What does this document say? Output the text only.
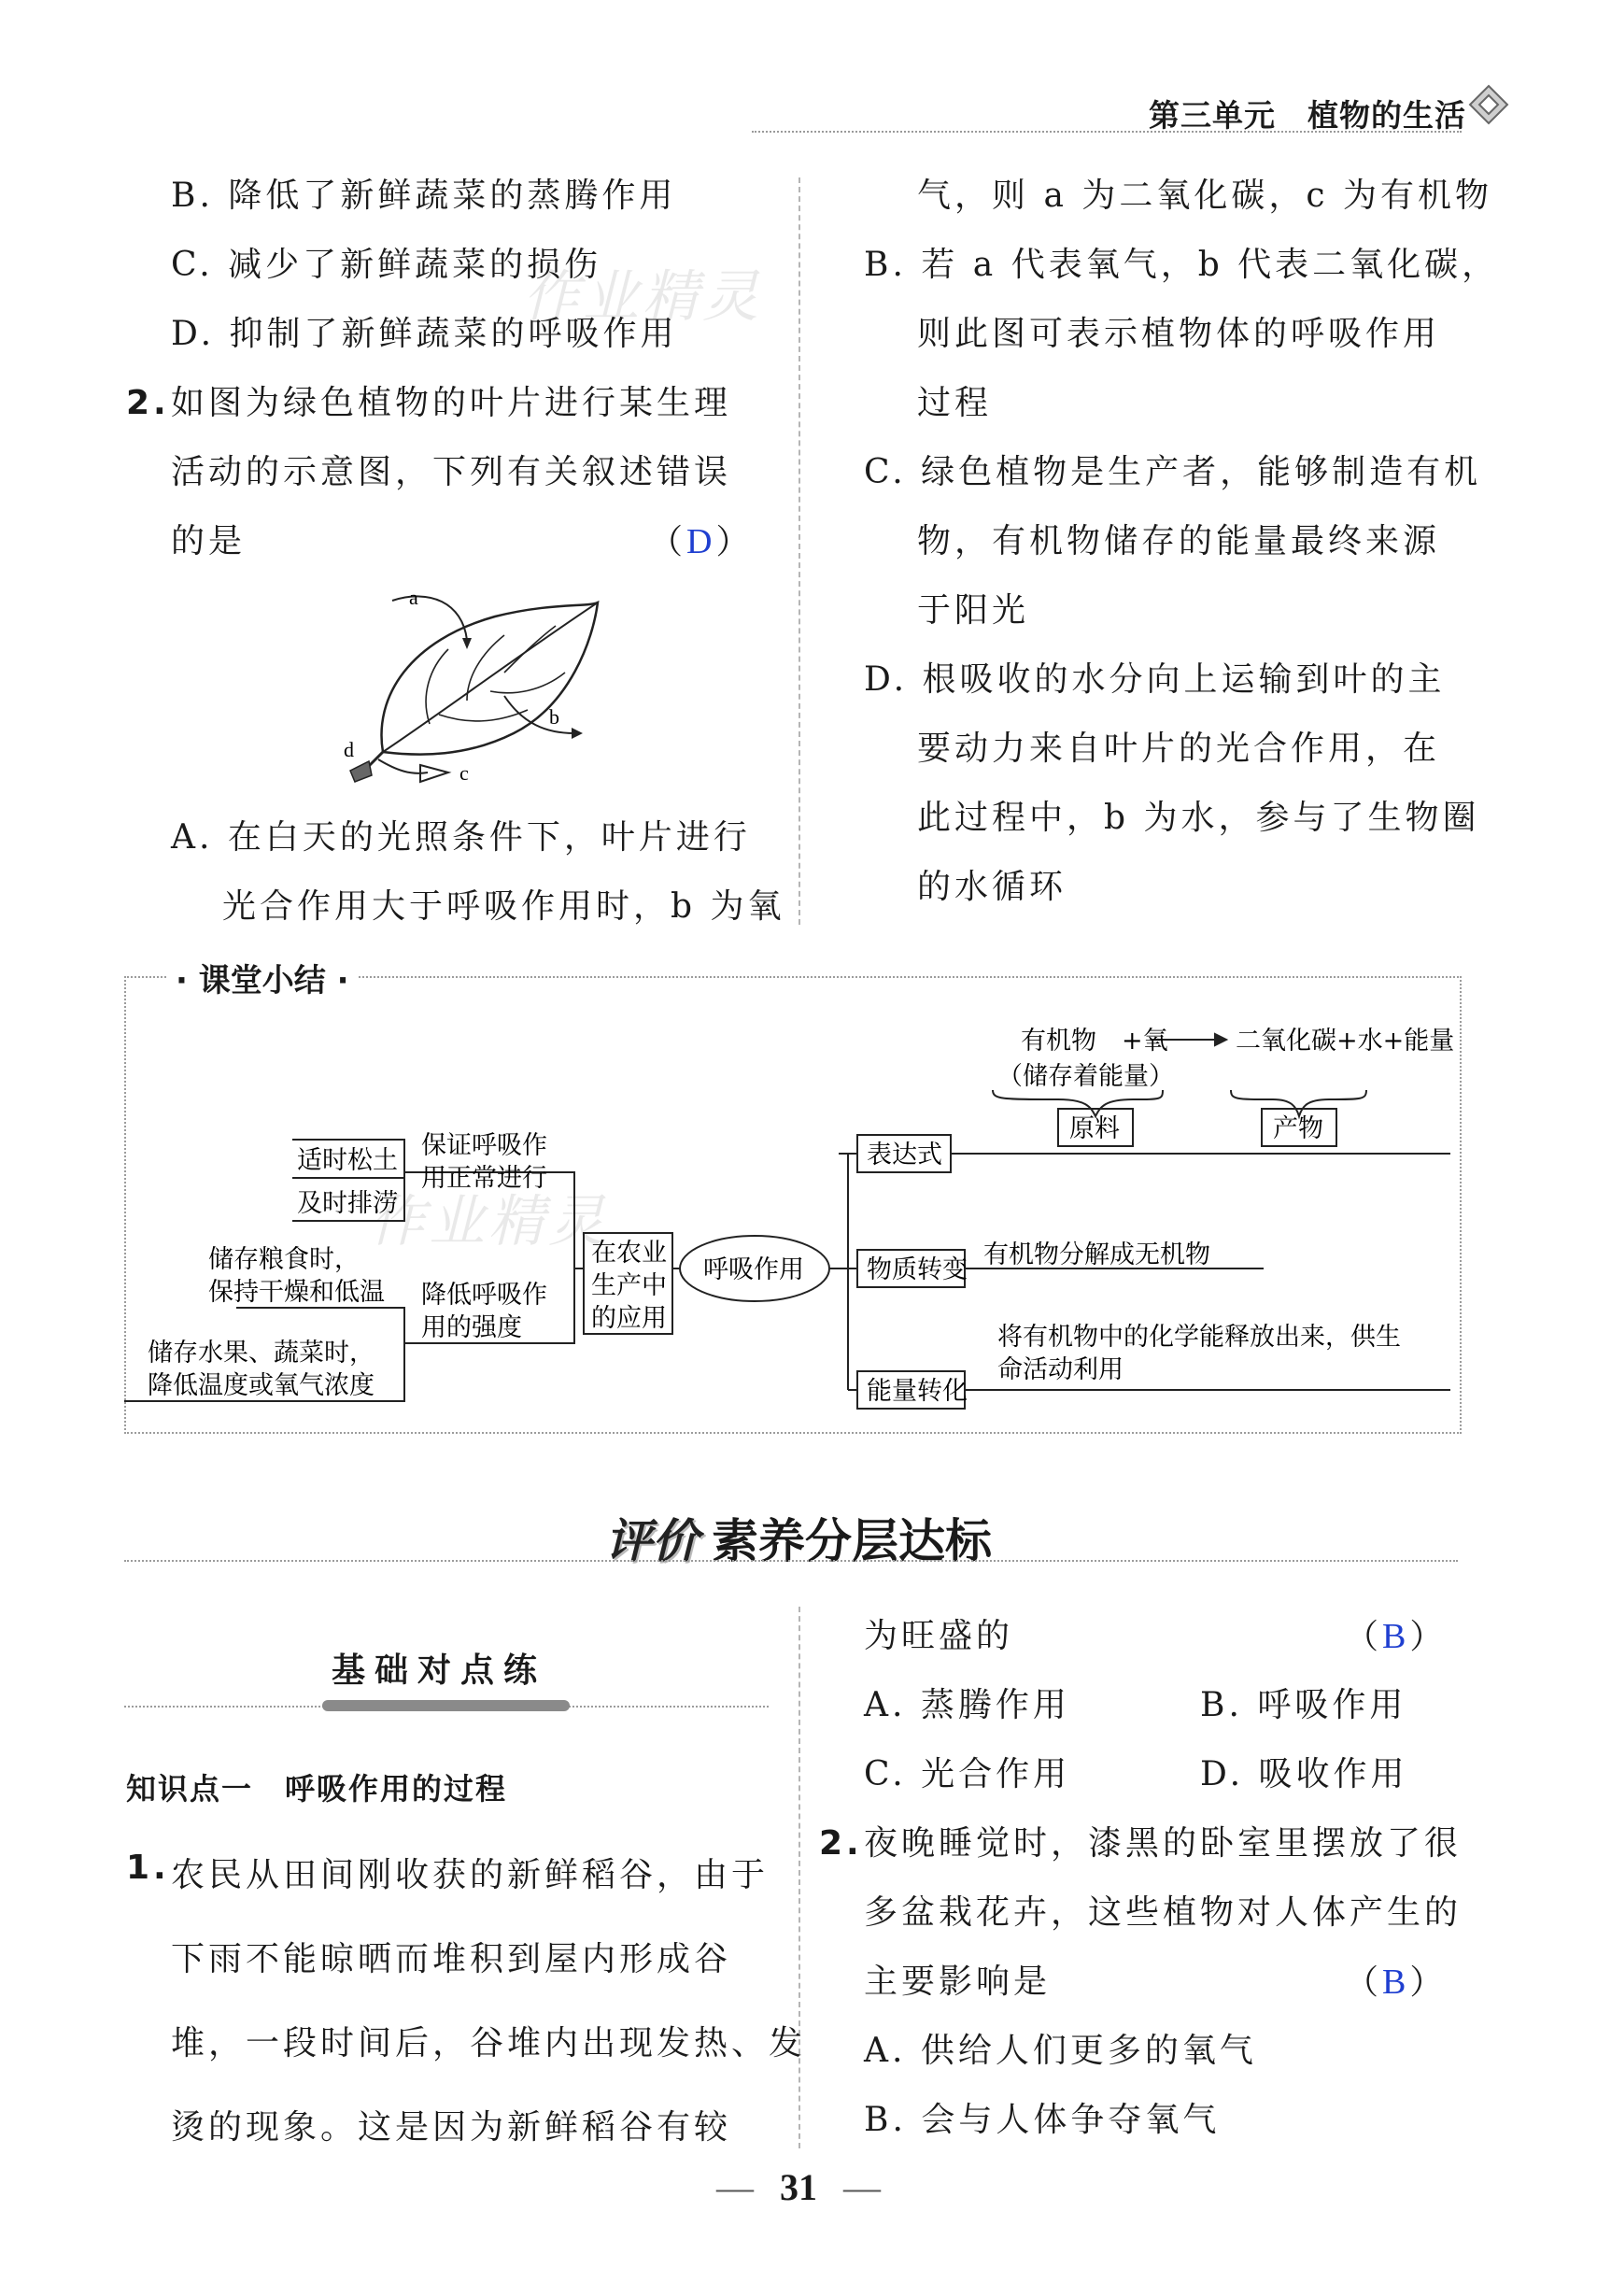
第三单元　植物的生活
B. 降低了新鲜蔬菜的蒸腾作用
C. 减少了新鲜蔬菜的损伤
D. 抑制了新鲜蔬菜的呼吸作用
2. 如图为绿色植物的叶片进行某生理
活动的示意图，下列有关叙述错误
的是	（D）
a
b
c
d
A. 在白天的光照条件下，叶片进行
光合作用大于呼吸作用时，b 为氧
气，则 a 为二氧化碳，c 为有机物
B. 若 a 代表氧气，b 代表二氧化碳，
则此图可表示植物体的呼吸作用
过程
C. 绿色植物是生产者，能够制造有机
物，有机物储存的能量最终来源
于阳光
D. 根吸收的水分向上运输到叶的主
要动力来自叶片的光合作用，在
此过程中，b 为水，参与了生物圈
的水循环
作业精灵
作业精灵
· 课堂小结 ·
有机物　+氧	二氧化碳+水+能量
（储存着能量）
原料	产物
呼吸作用
表达式
物质转变
有机物分解成无机物
能量转化
将有机物中的化学能释放出来，供生
命活动利用
在农业
生产中
的应用
保证呼吸作
用正常进行
适时松土
及时排涝
降低呼吸作
用的强度
储存粮食时，
保持干燥和低温
储存水果、蔬菜时，
降低温度或氧气浓度
评价 素养分层达标
基础对点练
知识点一　呼吸作用的过程
1. 农民从田间刚收获的新鲜稻谷，由于
下雨不能晾晒而堆积到屋内形成谷
堆，一段时间后，谷堆内出现发热、发
烫的现象。这是因为新鲜稻谷有较
为旺盛的	（B）
A. 蒸腾作用	B. 呼吸作用
C. 光合作用	D. 吸收作用
2. 夜晚睡觉时，漆黑的卧室里摆放了很
多盆栽花卉，这些植物对人体产生的
主要影响是	（B）
A. 供给人们更多的氧气
B. 会与人体争夺氧气
— 31 —
